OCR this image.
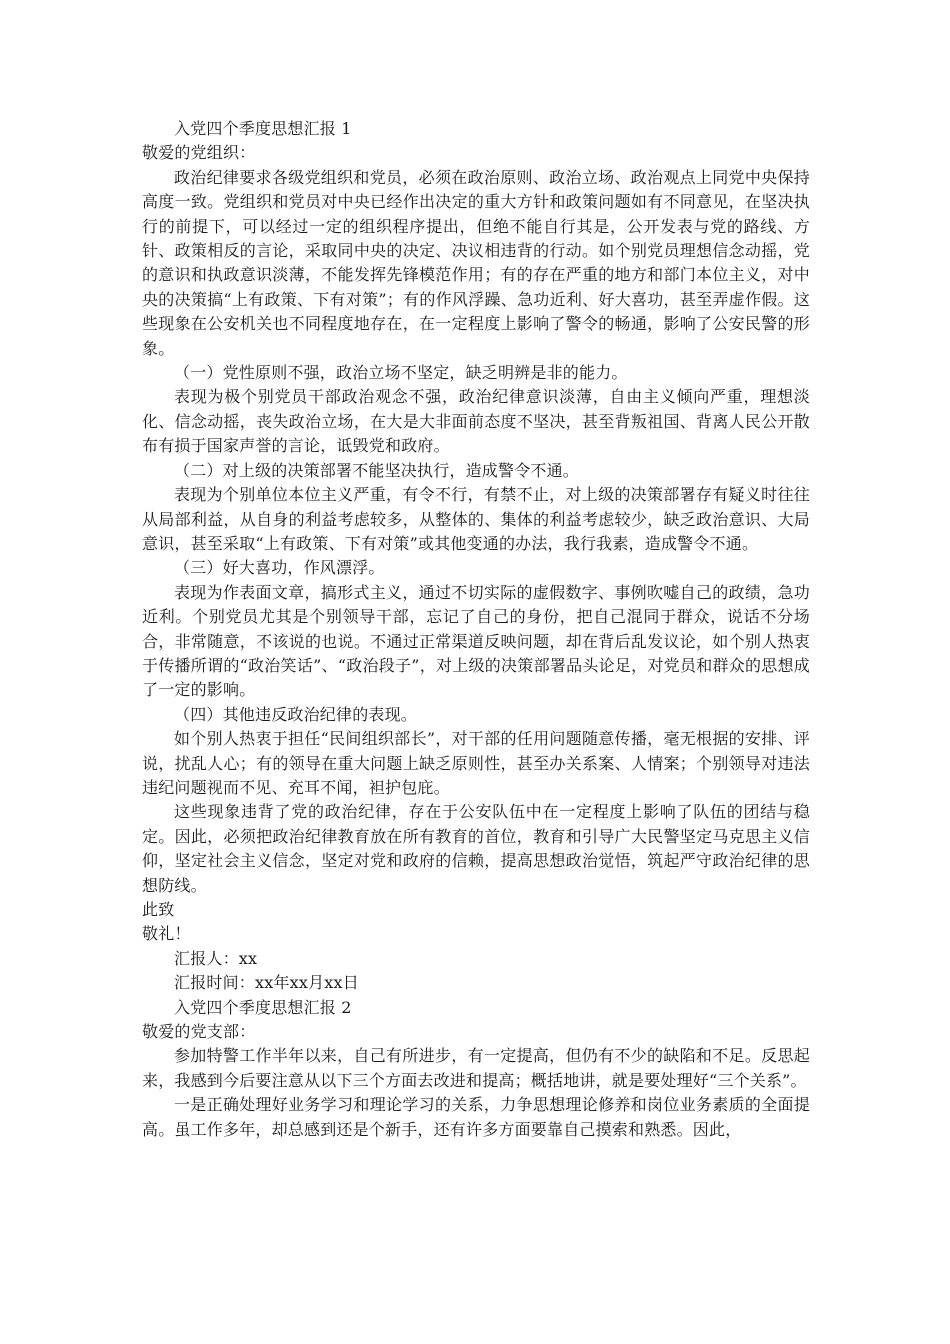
入党四个季度思想汇报 1

敬爱的党组织：

政治纪律要求各级党组织和党员，必须在政治原则、政治立场、政治观点上同党中央保持高度一致。党组织和党员对中央已经作出决定的重大方针和政策问题如有不同意见，在坚决执行的前提下，可以经过一定的组织程序提出，但绝不能自行其是，公开发表与党的路线、方针、政策相反的言论，采取同中央的决定、决议相违背的行动。如个别党员理想信念动摇，党的意识和执政意识淡薄，不能发挥先锋模范作用；有的存在严重的地方和部门本位主义，对中央的决策搞“上有政策、下有对策”；有的作风浮躁、急功近利、好大喜功，甚至弄虚作假。这些现象在公安机关也不同程度地存在，在一定程度上影响了警令的畅通，影响了公安民警的形象。

（一）党性原则不强，政治立场不坚定，缺乏明辨是非的能力。

表现为极个别党员干部政治观念不强，政治纪律意识淡薄，自由主义倾向严重，理想淡化、信念动摇，丧失政治立场，在大是大非面前态度不坚决，甚至背叛祖国、背离人民公开散布有损于国家声誉的言论，诋毁党和政府。

（二）对上级的决策部署不能坚决执行，造成警令不通。

表现为个别单位本位主义严重，有令不行，有禁不止，对上级的决策部署存有疑义时往往从局部利益，从自身的利益考虑较多，从整体的、集体的利益考虑较少，缺乏政治意识、大局意识，甚至采取“上有政策、下有对策”或其他变通的办法，我行我素，造成警令不通。

（三）好大喜功，作风漂浮。

表现为作表面文章，搞形式主义，通过不切实际的虚假数字、事例吹嘘自己的政绩，急功近利。个别党员尤其是个别领导干部，忘记了自己的身份，把自己混同于群众，说话不分场合，非常随意，不该说的也说。不通过正常渠道反映问题，却在背后乱发议论，如个别人热衷于传播所谓的“政治笑话”、“政治段子”，对上级的决策部署品头论足，对党员和群众的思想成了一定的影响。

（四）其他违反政治纪律的表现。

如个别人热衷于担任“民间组织部长”，对干部的任用问题随意传播，毫无根据的安排、评说，扰乱人心；有的领导在重大问题上缺乏原则性，甚至办关系案、人情案；个别领导对违法违纪问题视而不见、充耳不闻，袒护包庇。

这些现象违背了党的政治纪律，存在于公安队伍中在一定程度上影响了队伍的团结与稳定。因此，必须把政治纪律教育放在所有教育的首位，教育和引导广大民警坚定马克思主义信仰，坚定社会主义信念，坚定对党和政府的信赖，提高思想政治觉悟，筑起严守政治纪律的思想防线。

此致

敬礼！

汇报人：xx

汇报时间：xx年xx月xx日

入党四个季度思想汇报 2

敬爱的党支部：

参加特警工作半年以来，自己有所进步，有一定提高，但仍有不少的缺陷和不足。反思起来，我感到今后要注意从以下三个方面去改进和提高；概括地讲，就是要处理好“三个关系”。

一是正确处理好业务学习和理论学习的关系，力争思想理论修养和岗位业务素质的全面提高。虽工作多年，却总感到还是个新手，还有许多方面要靠自己摸索和熟悉。因此，
